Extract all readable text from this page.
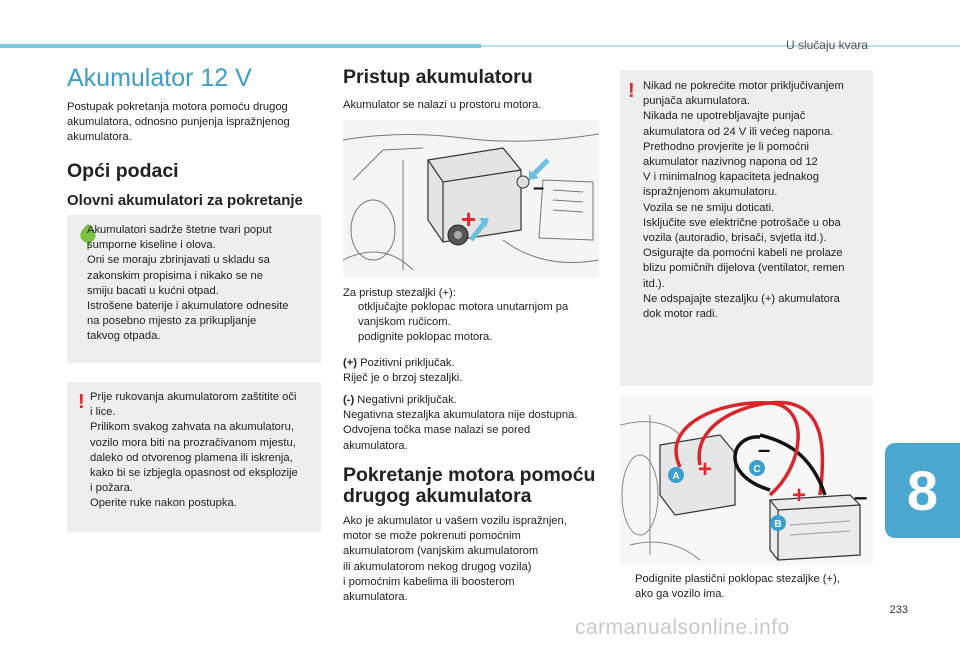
U slučaju kvara
Akumulator 12 V
Postupak pokretanja motora pomoću drugog
akumulatora, odnosno punjenja ispražnjenog
akumulatora.
Opći podaci
Olovni akumulatori za pokretanje
Akumulatori sadrže štetne tvari poput
sumporne kiseline i olova.
Oni se moraju zbrinjavati u skladu sa
zakonskim propisima i nikako se ne
smiju bacati u kućni otpad.
Istrošene baterije i akumulatore odnesite
na posebno mjesto za prikupljanje
takvog otpada.
! Prije rukovanja akumulatorom zaštitite oči
i lice.
Prilikom svakog zahvata na akumulatoru,
vozilo mora biti na prozračivanom mjestu,
daleko od otvorenog plamena ili iskrenja,
kako bi se izbjegla opasnost od eksplozije
i požara.
Operite ruke nakon postupka.
Pristup akumulatoru
Akumulator se nalazi u prostoru motora.
+
–
Za pristup stezaljki (+):
otključajte poklopac motora unutarnjom pa
vanjskom ručicom.
podignite poklopac motora.
(+) Pozitivni priključak.
Riječ je o brzoj stezaljki.
(-) Negativni priključak.
Negativna stezaljka akumulatora nije dostupna.
Odvojena točka mase nalazi se pored
akumulatora.
Pokretanje motora pomoću
drugog akumulatora
Ako je akumulator u vašem vozilu ispražnjen,
motor se može pokrenuti pomoćnim
akumulatorom (vanjskim akumulatorom
ili akumulatorom nekog drugog vozila)
i pomoćnim kabelima ili boosterom
akumulatora.
! Nikad ne pokrećite motor priključivanjem
punjača akumulatora.
Nikada ne upotrebljavajte punjač
akumulatora od 24 V ili većeg napona.
Prethodno provjerite je li pomoćni
akumulator nazivnog napona od 12
V i minimalnog kapaciteta jednakog
ispražnjenom akumulatoru.
Vozila se ne smiju doticati.
Isključite sve električne potrošače u oba
vozila (autoradio, brisači, svjetla itd.).
Osigurajte da pomoćni kabeli ne prolaze
blizu pomičnih dijelova (ventilator, remen
itd.).
Ne odspajajte stezaljku (+) akumulatora
dok motor radi.
+
+
–
–
A
B
C
Podignite plastični poklopac stezaljke (+),
ako ga vozilo ima.
8
233
carmanualsonline.info
